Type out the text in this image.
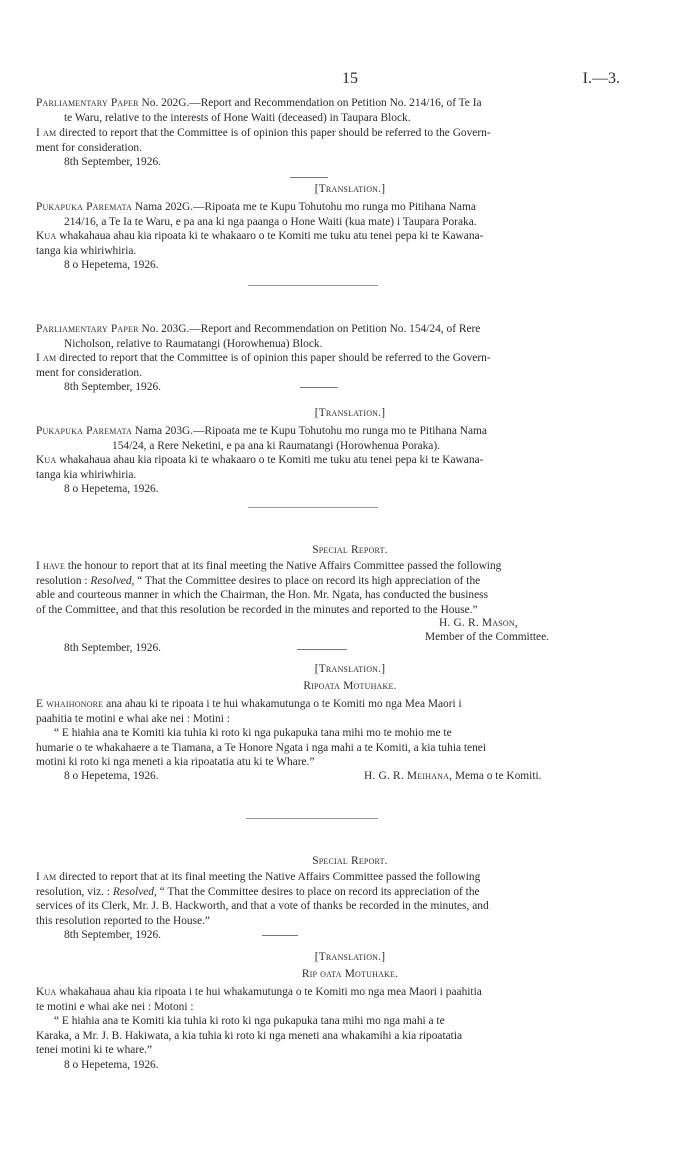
15	I.—3.
Parliamentary Paper No. 202G.—Report and Recommendation on Petition No. 214/16, of Te Ia
te Waru, relative to the interests of Hone Waiti (deceased) in Taupara Block.
I am directed to report that the Committee is of opinion this paper should be referred to the Govern-
ment for consideration.
8th September, 1926.
[Translation.]
Pukapuka Paremata Nama 202G.—Ripoata me te Kupu Tohutohu mo runga mo Pitihana Nama
214/16, a Te Ia te Waru, e pa ana ki nga paanga o Hone Waiti (kua mate) i Taupara Poraka.
Kua whakahaua ahau kia ripoata ki te whakaaro o te Komiti me tuku atu tenei pepa ki te Kawana-
tanga kia whiriwhiria.
8 o Hepetema, 1926.
Parliamentary Paper No. 203G.—Report and Recommendation on Petition No. 154/24, of Rere
Nicholson, relative to Raumatangi (Horowhenua) Block.
I am directed to report that the Committee is of opinion this paper should be referred to the Govern-
ment for consideration.
8th September, 1926.
[Translation.]
Pukapuka Paremata Nama 203G.—Ripoata me te Kupu Tohutohu mo runga mo te Pitihana Nama
154/24, a Rere Neketini, e pa ana ki Raumatangi (Horowhenua Poraka).
Kua whakahaua ahau kia ripoata ki te whakaaro o te Komiti me tuku atu tenei pepa ki te Kawana-
tanga kia whiriwhiria.
8 o Hepetema, 1926.
Special Report.
I have the honour to report that at its final meeting the Native Affairs Committee passed the following
resolution : Resolved, “ That the Committee desires to place on record its high appreciation of the
able and courteous manner in which the Chairman, the Hon. Mr. Ngata, has conducted the business
of the Committee, and that this resolution be recorded in the minutes and reported to the House.”
H. G. R. Mason,
Member of the Committee.
8th September, 1926.
[Translation.]
Ripoata Motuhake.
E whaihonore ana ahau ki te ripoata i te hui whakamutunga o te Komiti mo nga Mea Maori i
paahitia te motini e whai ake nei : Motini :
“ E hiahia ana te Komiti kia tuhia ki roto ki nga pukapuka tana mihi mo te mohio me te
humarie o te whakahaere a te Tiamana, a Te Honore Ngata i nga mahi a te Komiti, a kia tuhia tenei
motini ki roto ki nga meneti a kia ripoatatia atu ki te Whare.”
8 o Hepetema, 1926.	H. G. R. Meihana, Mema o te Komiti.
Special Report.
I am directed to report that at its final meeting the Native Affairs Committee passed the following
resolution, viz. : Resolved, “ That the Committee desires to place on record its appreciation of the
services of its Clerk, Mr. J. B. Hackworth, and that a vote of thanks be recorded in the minutes, and
this resolution reported to the House.”
8th September, 1926.
[Translation.]
Rip oata Motuhake.
Kua whakahaua ahau kia ripoata i te hui whakamutunga o te Komiti mo nga mea Maori i paahitia
te motini e whai ake nei : Motoni :
“ E hiahia ana te Komiti kia tuhia ki roto ki nga pukapuka tana mihi mo nga mahi a te
Karaka, a Mr. J. B. Hakiwata, a kia tuhia ki roto ki nga meneti ana whakamihi a kia ripoatatia
tenei motini ki te whare.”
8 o Hepetema, 1926.
